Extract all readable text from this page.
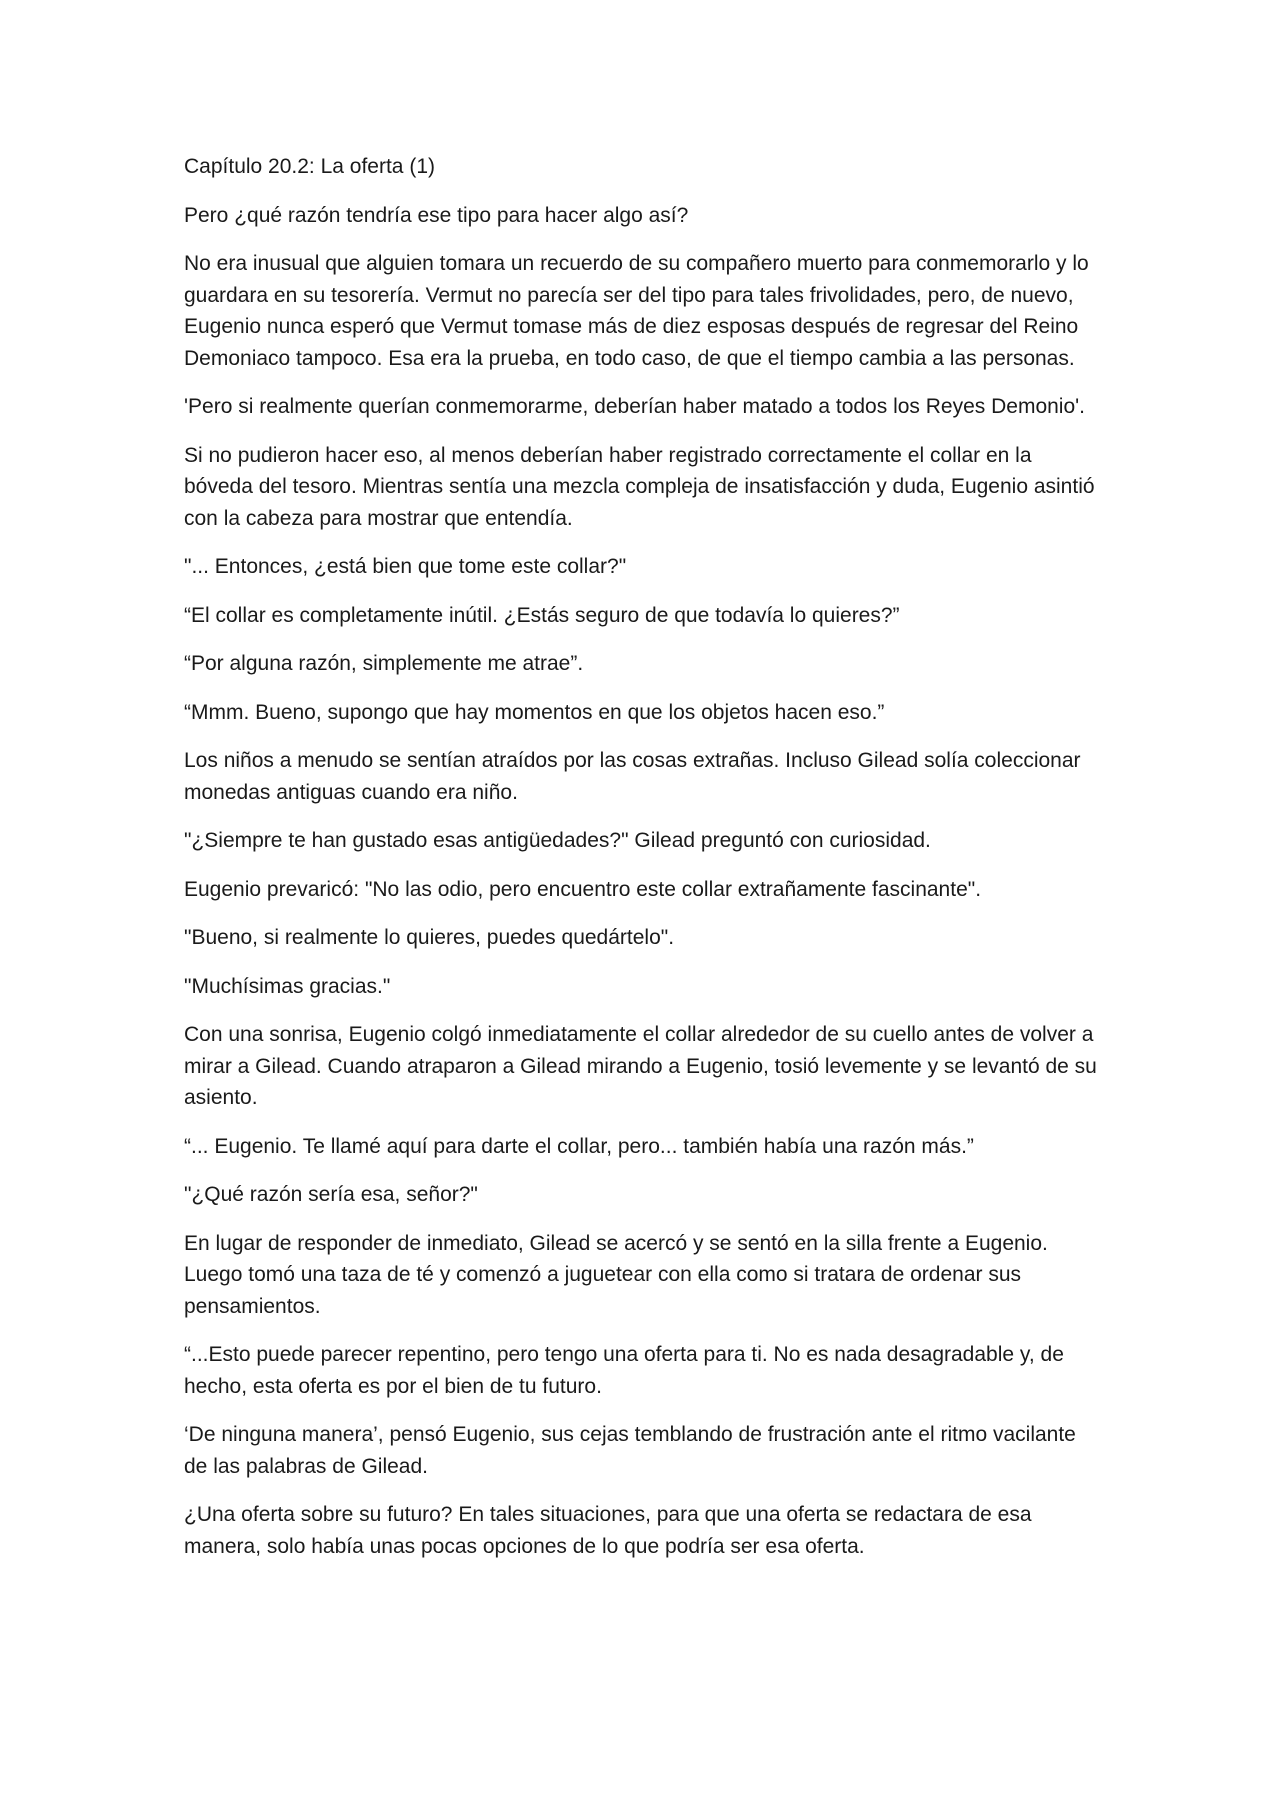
Capítulo 20.2: La oferta (1)

Pero ¿qué razón tendría ese tipo para hacer algo así?

No era inusual que alguien tomara un recuerdo de su compañero muerto para conmemorarlo y lo guardara en su tesorería. Vermut no parecía ser del tipo para tales frivolidades, pero, de nuevo, Eugenio nunca esperó que Vermut tomase más de diez esposas después de regresar del Reino Demoniaco tampoco. Esa era la prueba, en todo caso, de que el tiempo cambia a las personas.

'Pero si realmente querían conmemorarme, deberían haber matado a todos los Reyes Demonio'.

Si no pudieron hacer eso, al menos deberían haber registrado correctamente el collar en la bóveda del tesoro. Mientras sentía una mezcla compleja de insatisfacción y duda, Eugenio asintió con la cabeza para mostrar que entendía.

"... Entonces, ¿está bien que tome este collar?"

“El collar es completamente inútil. ¿Estás seguro de que todavía lo quieres?”

“Por alguna razón, simplemente me atrae”.

“Mmm. Bueno, supongo que hay momentos en que los objetos hacen eso.”

Los niños a menudo se sentían atraídos por las cosas extrañas. Incluso Gilead solía coleccionar monedas antiguas cuando era niño.

"¿Siempre te han gustado esas antigüedades?" Gilead preguntó con curiosidad.

Eugenio prevaricó: "No las odio, pero encuentro este collar extrañamente fascinante".

"Bueno, si realmente lo quieres, puedes quedártelo".

"Muchísimas gracias."

Con una sonrisa, Eugenio colgó inmediatamente el collar alrededor de su cuello antes de volver a mirar a Gilead. Cuando atraparon a Gilead mirando a Eugenio, tosió levemente y se levantó de su asiento.

“... Eugenio. Te llamé aquí para darte el collar, pero... también había una razón más.”

"¿Qué razón sería esa, señor?"

En lugar de responder de inmediato, Gilead se acercó y se sentó en la silla frente a Eugenio. Luego tomó una taza de té y comenzó a juguetear con ella como si tratara de ordenar sus pensamientos.

“...Esto puede parecer repentino, pero tengo una oferta para ti. No es nada desagradable y, de hecho, esta oferta es por el bien de tu futuro.

‘De ninguna manera’, pensó Eugenio, sus cejas temblando de frustración ante el ritmo vacilante de las palabras de Gilead.

¿Una oferta sobre su futuro? En tales situaciones, para que una oferta se redactara de esa manera, solo había unas pocas opciones de lo que podría ser esa oferta.
